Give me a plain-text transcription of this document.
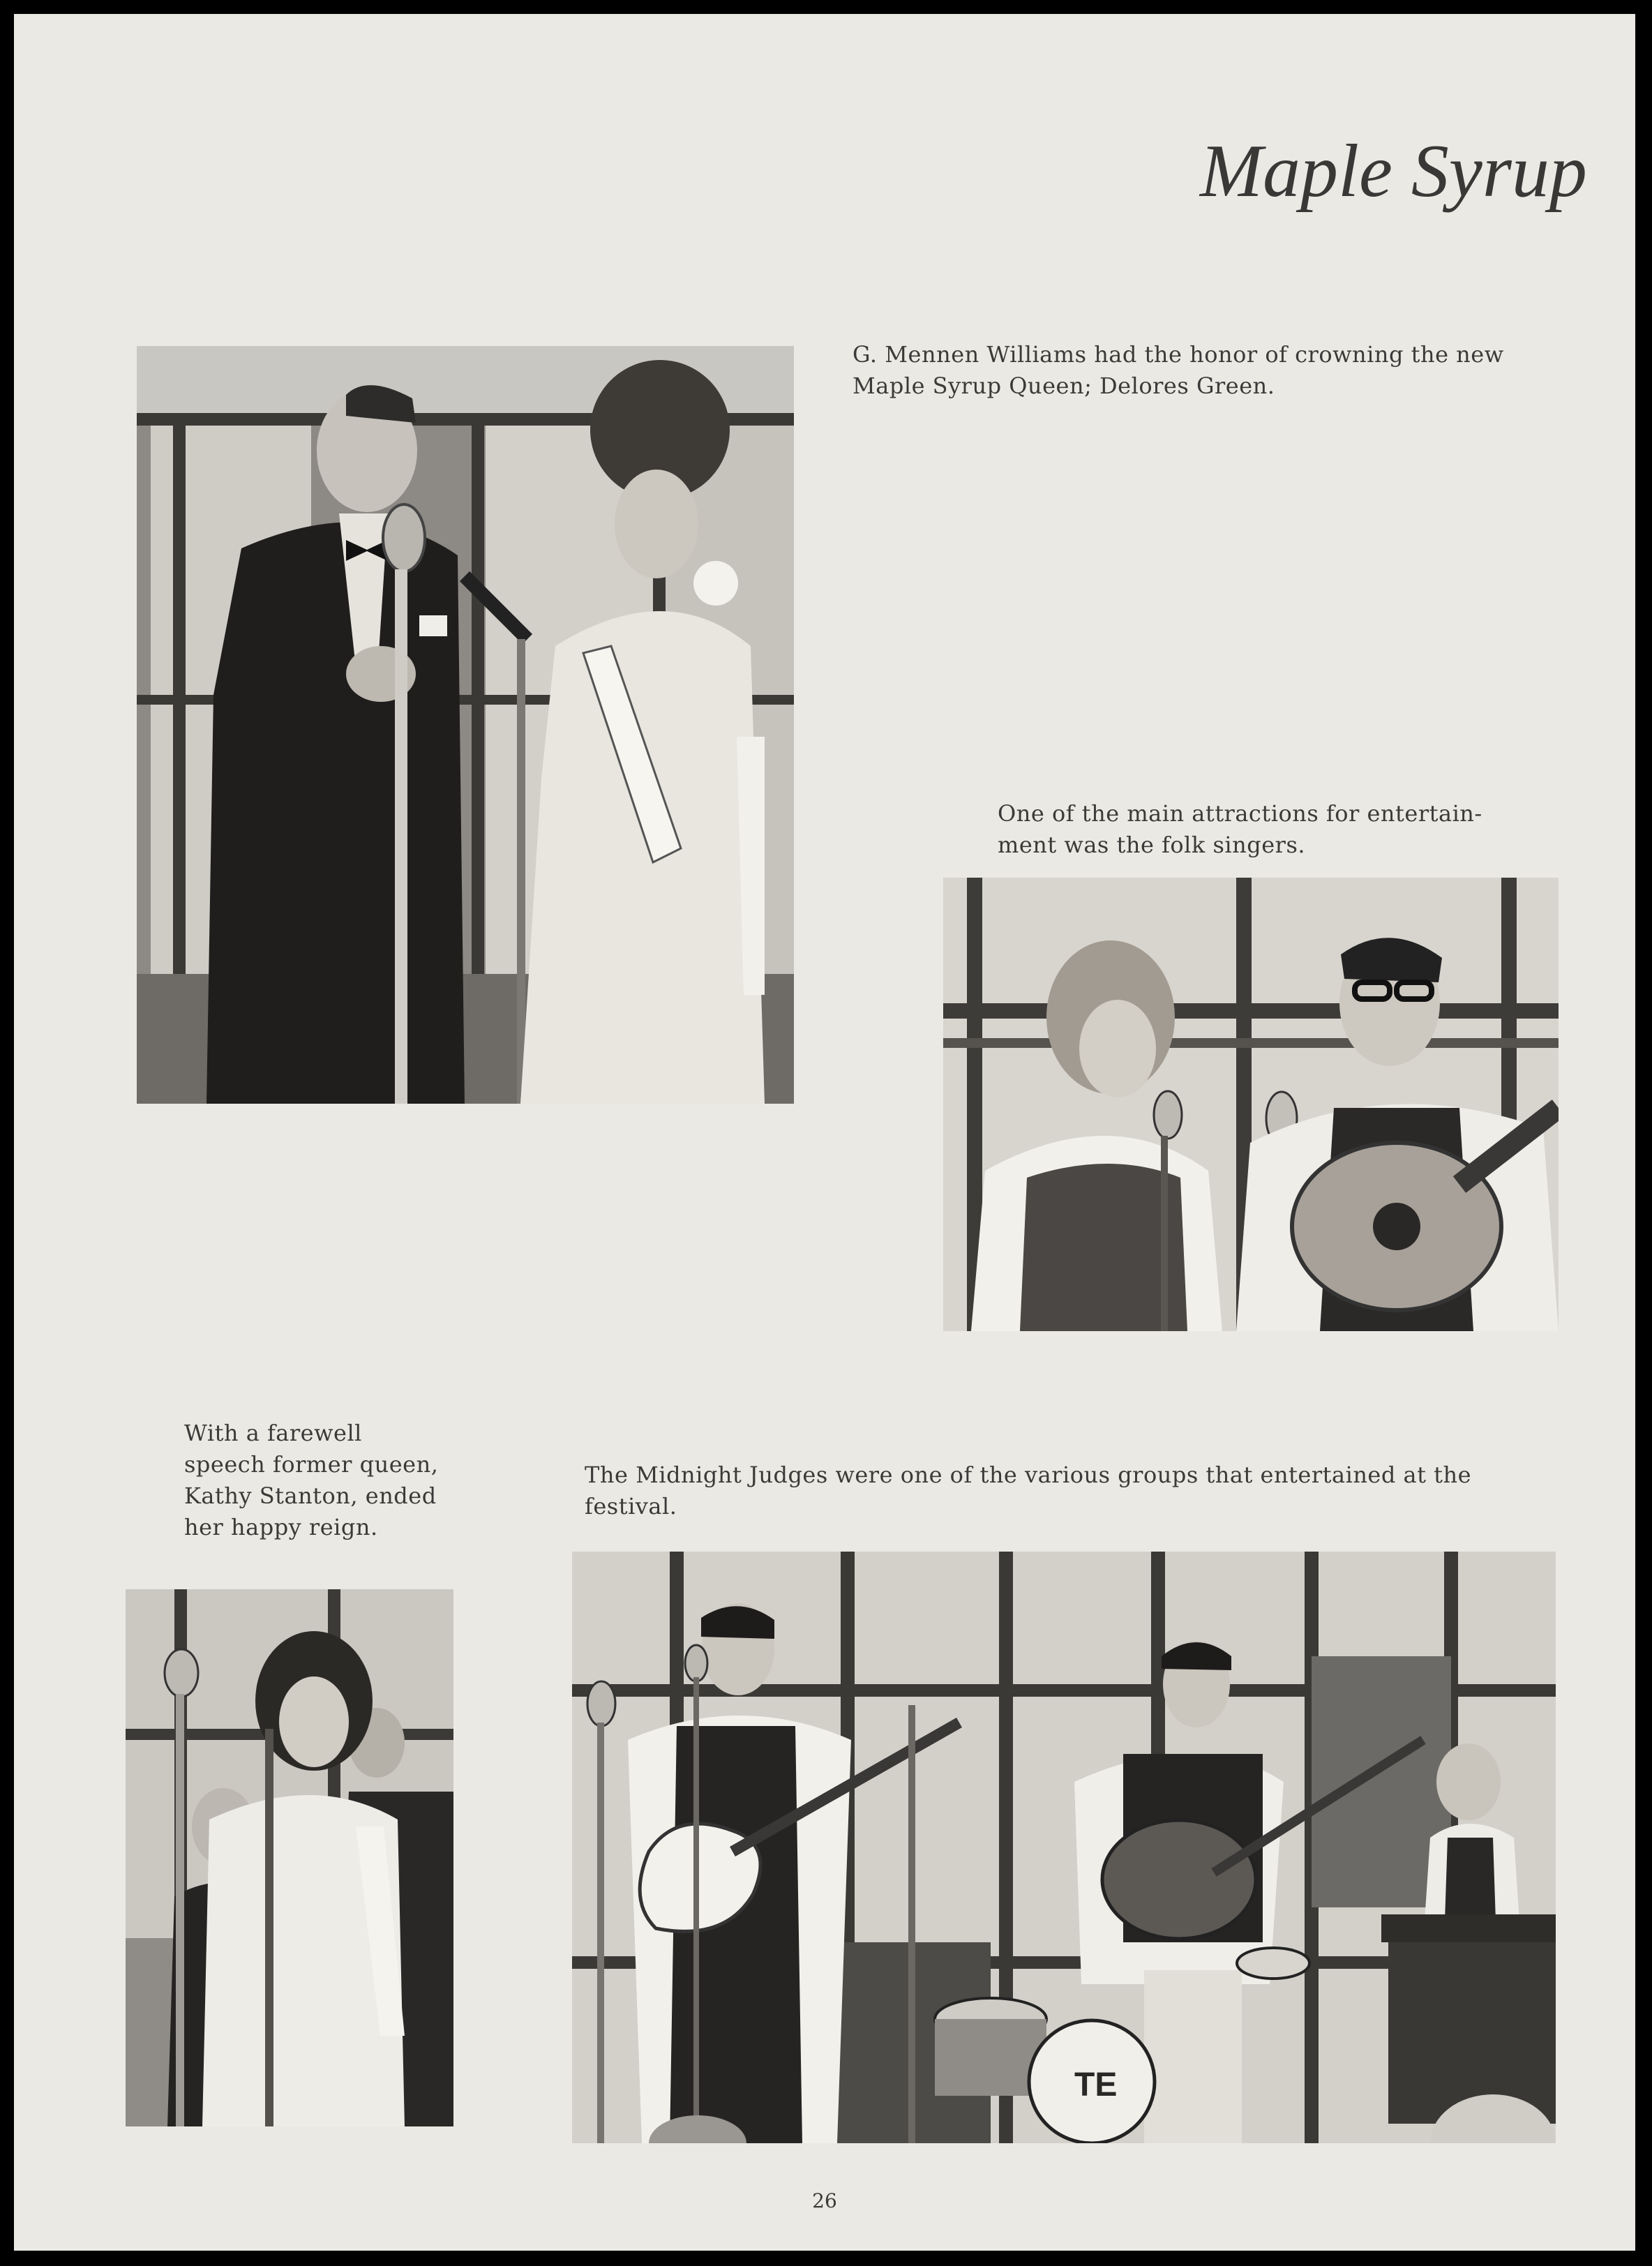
Maple Syrup
G. Mennen Williams had the honor of crowning the new Maple Syrup Queen; Delores Green.
One of the main attractions for entertain-ment was the folk singers.
With a farewell speech former queen, Kathy Stanton, ended her happy reign.
The Midnight Judges were one of the various groups that entertained at the festival.
TE
26
